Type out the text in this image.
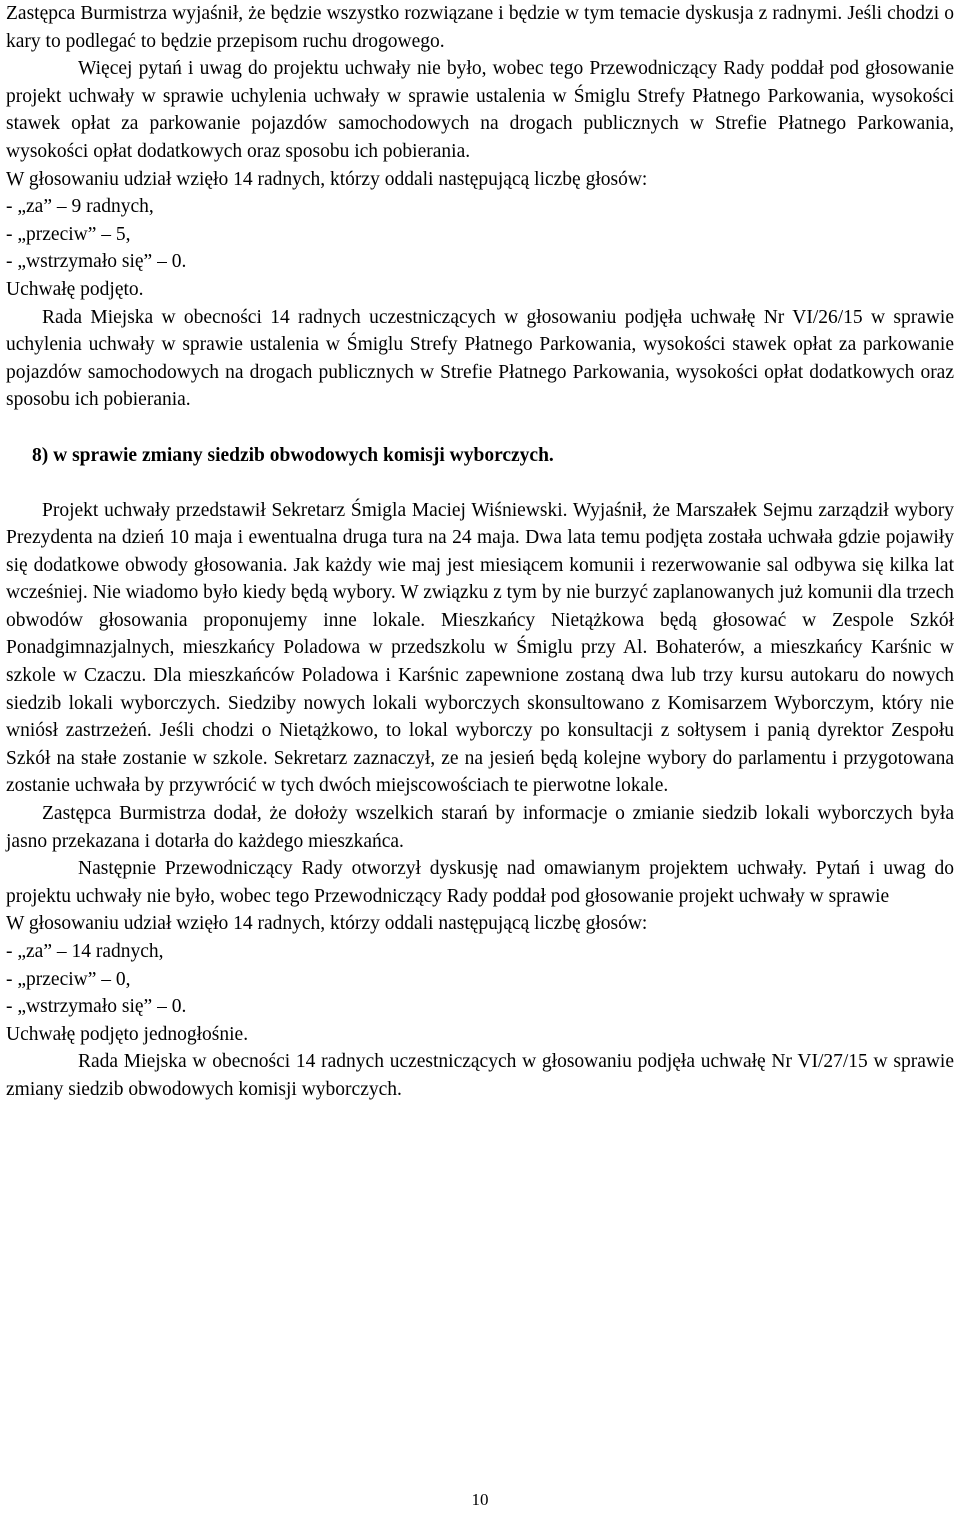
Zastępca Burmistrza wyjaśnił, że będzie wszystko rozwiązane i będzie w tym temacie dyskusja z radnymi. Jeśli chodzi o kary to podlegać to będzie przepisom ruchu drogowego.

Więcej pytań i uwag do projektu uchwały nie było, wobec tego Przewodniczący Rady poddał pod głosowanie projekt uchwały w sprawie uchylenia uchwały w sprawie ustalenia w Śmiglu Strefy Płatnego Parkowania, wysokości stawek opłat za parkowanie pojazdów samochodowych na drogach publicznych w Strefie Płatnego Parkowania, wysokości opłat dodatkowych oraz sposobu ich pobierania.

W głosowaniu udział wzięło 14 radnych, którzy oddali następującą liczbę głosów:

- „za” – 9 radnych,

- „przeciw” – 5,

- „wstrzymało się” – 0.

Uchwałę podjęto.

Rada Miejska w obecności 14 radnych uczestniczących w głosowaniu podjęła uchwałę Nr VI/26/15 w sprawie uchylenia uchwały w sprawie ustalenia w Śmiglu Strefy Płatnego Parkowania, wysokości stawek opłat za parkowanie pojazdów samochodowych na drogach publicznych w Strefie Płatnego Parkowania, wysokości opłat dodatkowych oraz sposobu ich pobierania.

8) w sprawie zmiany siedzib obwodowych komisji wyborczych.

Projekt uchwały przedstawił Sekretarz Śmigla Maciej Wiśniewski. Wyjaśnił, że Marszałek Sejmu zarządził wybory Prezydenta na dzień 10 maja i ewentualna druga tura na 24 maja. Dwa lata temu podjęta została uchwała gdzie pojawiły się dodatkowe obwody głosowania. Jak każdy wie maj jest miesiącem komunii i rezerwowanie sal odbywa się kilka lat wcześniej. Nie wiadomo było kiedy będą wybory. W związku z tym by nie burzyć zaplanowanych już komunii dla trzech obwodów głosowania proponujemy inne lokale. Mieszkańcy Nietążkowa będą głosować w Zespole Szkół Ponadgimnazjalnych, mieszkańcy Poladowa w przedszkolu w Śmiglu przy Al. Bohaterów, a mieszkańcy Karśnic w szkole w Czaczu. Dla mieszkańców Poladowa i Karśnic zapewnione zostaną dwa lub trzy kursu autokaru do nowych siedzib lokali wyborczych. Siedziby nowych lokali wyborczych skonsultowano z Komisarzem Wyborczym, który nie wniósł zastrzeżeń. Jeśli chodzi o Nietążkowo, to lokal wyborczy po konsultacji z sołtysem i panią dyrektor Zespołu Szkół na stałe zostanie w szkole. Sekretarz zaznaczył, ze na jesień będą kolejne wybory do parlamentu i przygotowana zostanie uchwała by przywrócić w tych dwóch miejscowościach te pierwotne lokale.

Zastępca Burmistrza dodał, że dołoży wszelkich starań by informacje o zmianie siedzib lokali wyborczych była jasno przekazana i dotarła do każdego mieszkańca.

Następnie Przewodniczący Rady otworzył dyskusję nad omawianym projektem uchwały. Pytań i uwag do projektu uchwały nie było, wobec tego Przewodniczący Rady poddał pod głosowanie projekt uchwały w sprawie

W głosowaniu udział wzięło 14 radnych, którzy oddali następującą liczbę głosów:

- „za” – 14 radnych,

- „przeciw” – 0,

- „wstrzymało się” – 0.

Uchwałę podjęto jednogłośnie.

Rada Miejska w obecności 14 radnych uczestniczących w głosowaniu podjęła uchwałę Nr VI/27/15 w sprawie zmiany siedzib obwodowych komisji wyborczych.

10
